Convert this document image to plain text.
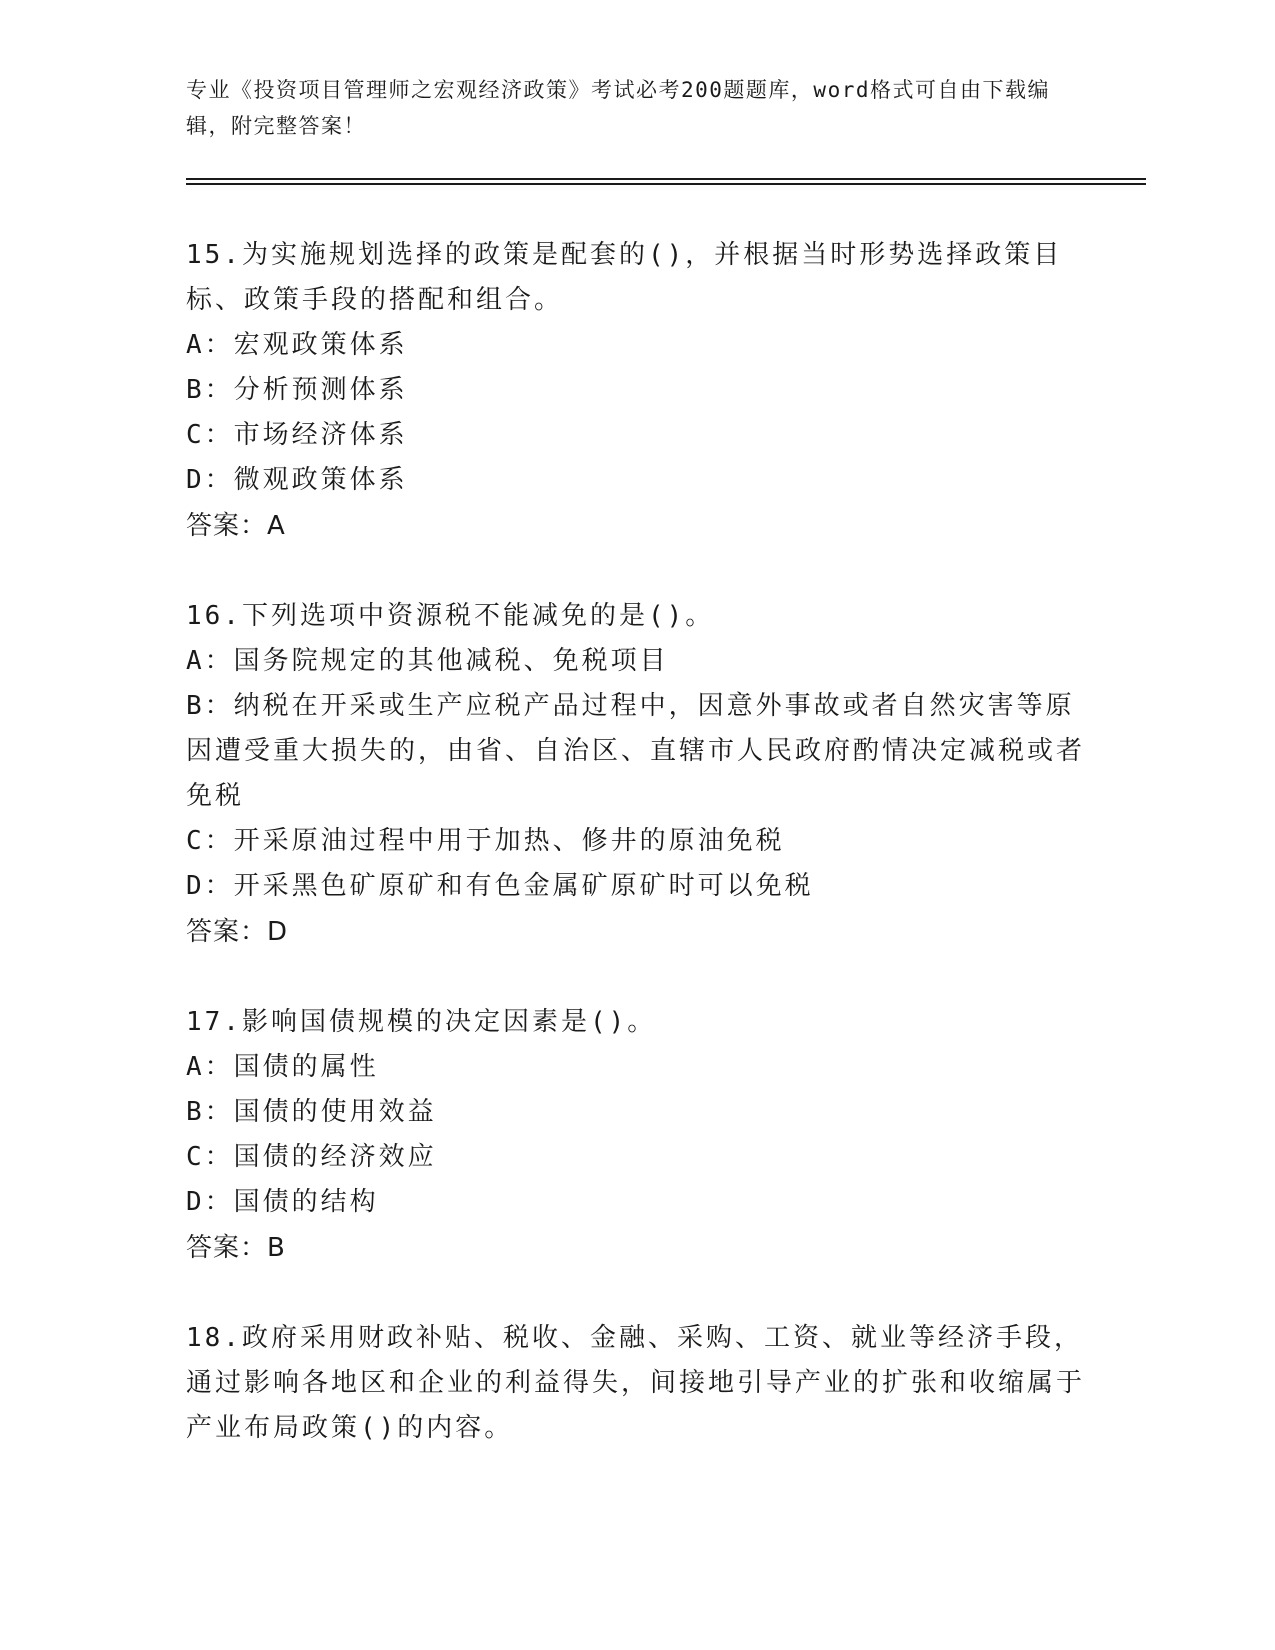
专业《投资项目管理师之宏观经济政策》考试必考200题题库，word格式可自由下载编辑，附完整答案！

15.为实施规划选择的政策是配套的()，并根据当时形势选择政策目标、政策手段的搭配和组合。

A：宏观政策体系

B：分析预测体系

C：市场经济体系

D：微观政策体系

答案：A

16.下列选项中资源税不能减免的是()。

A：国务院规定的其他减税、免税项目

B：纳税在开采或生产应税产品过程中，因意外事故或者自然灾害等原因遭受重大损失的，由省、自治区、直辖市人民政府酌情决定减税或者免税

C：开采原油过程中用于加热、修井的原油免税

D：开采黑色矿原矿和有色金属矿原矿时可以免税

答案：D

17.影响国债规模的决定因素是()。

A：国债的属性

B：国债的使用效益

C：国债的经济效应

D：国债的结构

答案：B

18.政府采用财政补贴、税收、金融、采购、工资、就业等经济手段，通过影响各地区和企业的利益得失，间接地引导产业的扩张和收缩属于产业布局政策()的内容。
